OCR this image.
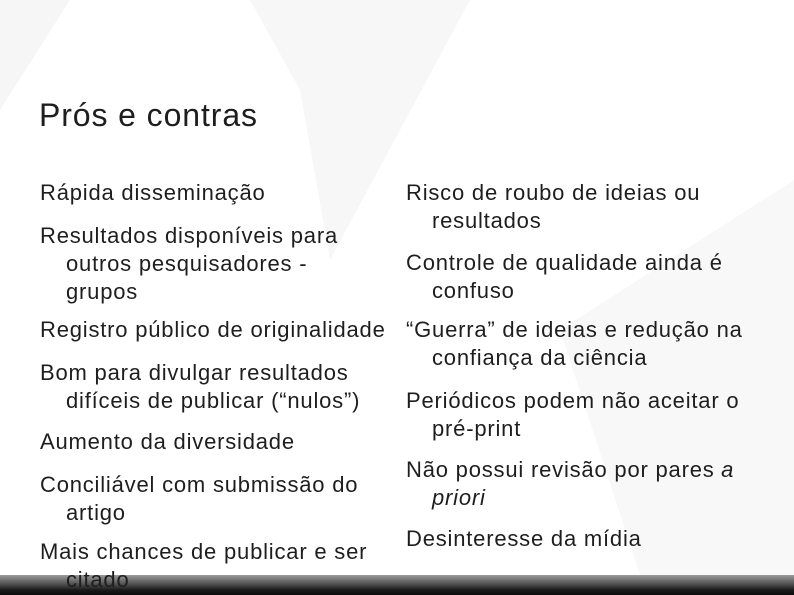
Prós e contras

Rápida disseminação

Resultados disponíveis para
outros pesquisadores -
grupos

Registro público de originalidade

Bom para divulgar resultados
difíceis de publicar (“nulos”)

Aumento da diversidade

Conciliável com submissão do
artigo

Mais chances de publicar e ser
citado

Risco de roubo de ideias ou
resultados

Controle de qualidade ainda é
confuso

“Guerra” de ideias e redução na
confiança da ciência

Periódicos podem não aceitar o
pré-print

Não possui revisão por pares a
priori

Desinteresse da mídia
